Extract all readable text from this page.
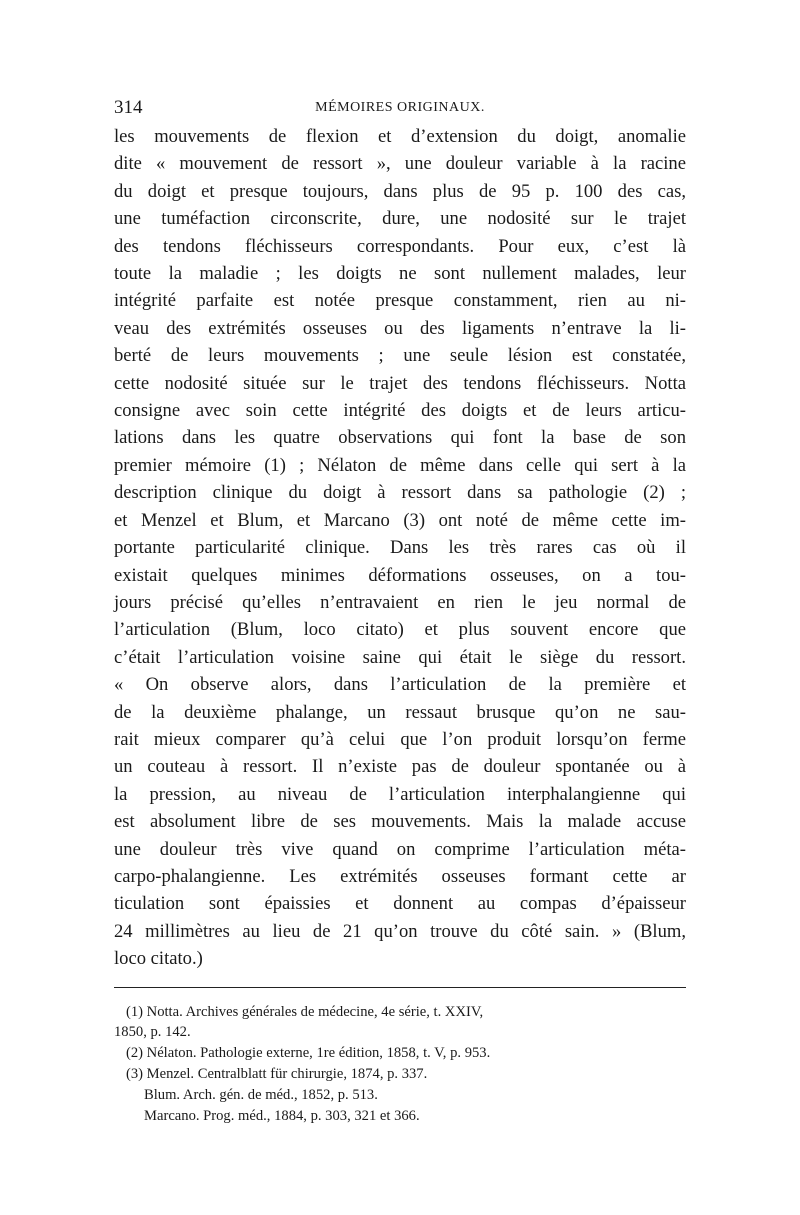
314	MÉMOIRES ORIGINAUX.
les mouvements de flexion et d’extension du doigt, anomalie
dite « mouvement de ressort », une douleur variable à la racine
du doigt et presque toujours, dans plus de 95 p. 100 des cas,
une tuméfaction circonscrite, dure, une nodosité sur le trajet
des tendons fléchisseurs correspondants. Pour eux, c’est là
toute la maladie ; les doigts ne sont nullement malades, leur
intégrité parfaite est notée presque constamment, rien au ni-
veau des extrémités osseuses ou des ligaments n’entrave la li-
berté de leurs mouvements ; une seule lésion est constatée,
cette nodosité située sur le trajet des tendons fléchisseurs. Notta
consigne avec soin cette intégrité des doigts et de leurs articu-
lations dans les quatre observations qui font la base de son
premier mémoire (1) ; Nélaton de même dans celle qui sert à la
description clinique du doigt à ressort dans sa pathologie (2) ;
et Menzel et Blum, et Marcano (3) ont noté de même cette im-
portante particularité clinique. Dans les très rares cas où il
existait quelques minimes déformations osseuses, on a tou-
jours précisé qu’elles n’entravaient en rien le jeu normal de
l’articulation (Blum, loco citato) et plus souvent encore que
c’était l’articulation voisine saine qui était le siège du ressort.
« On observe alors, dans l’articulation de la première et
de la deuxième phalange, un ressaut brusque qu’on ne sau-
rait mieux comparer qu’à celui que l’on produit lorsqu’on ferme
un couteau à ressort. Il n’existe pas de douleur spontanée ou à
la pression, au niveau de l’articulation interphalangienne qui
est absolument libre de ses mouvements. Mais la malade accuse
une douleur très vive quand on comprime l’articulation méta-
carpo-phalangienne. Les extrémités osseuses formant cette ar
ticulation sont épaissies et donnent au compas d’épaisseur
24 millimètres au lieu de 21 qu’on trouve du côté sain. » (Blum,
loco citato.)
(1) Notta. Archives générales de médecine, 4e série, t. XXIV,
1850, p. 142.
(2) Nélaton. Pathologie externe, 1re édition, 1858, t. V, p. 953.
(3) Menzel. Centralblatt für chirurgie, 1874, p. 337.
Blum. Arch. gén. de méd., 1852, p. 513.
Marcano. Prog. méd., 1884, p. 303, 321 et 366.
